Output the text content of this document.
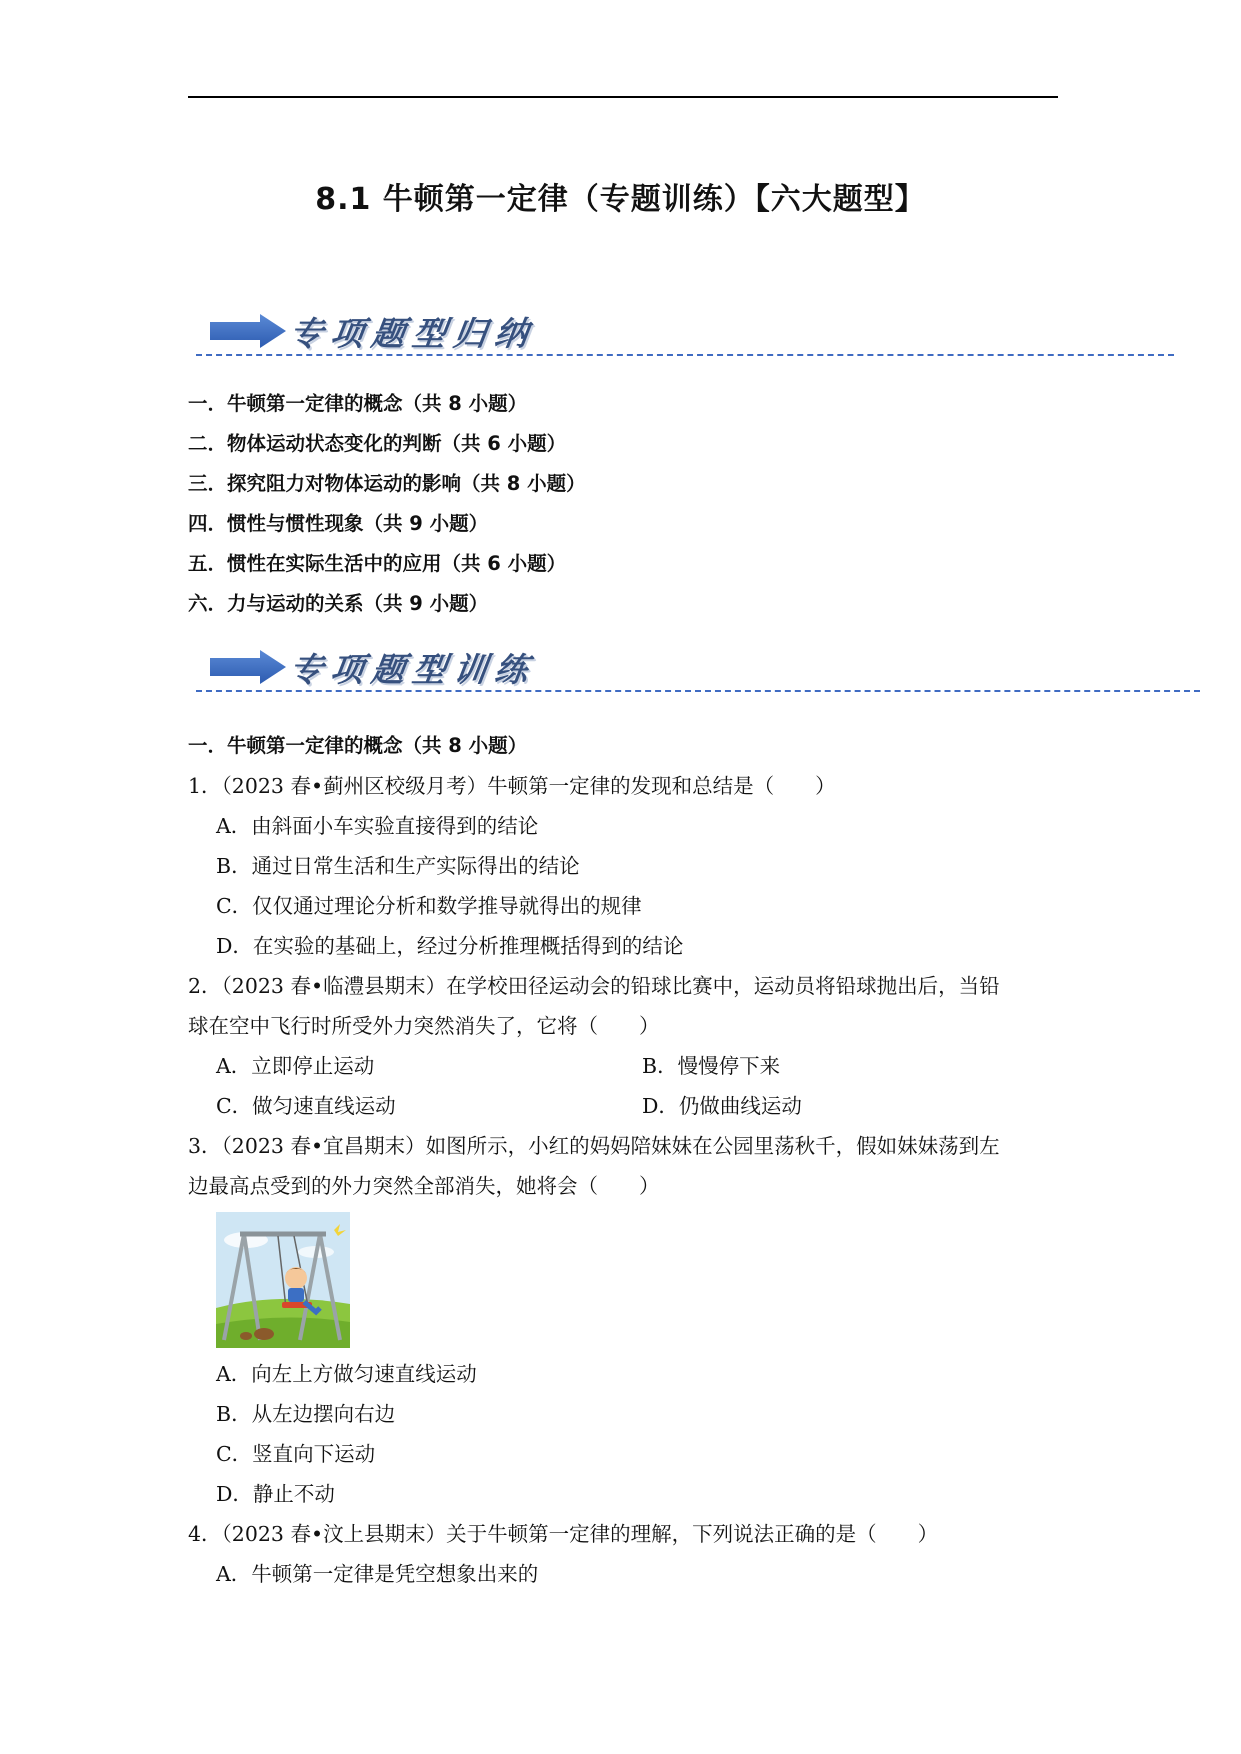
8.1 牛顿第一定律（专题训练）【六大题型】
专项题型归纳
一．牛顿第一定律的概念（共 8 小题）
二．物体运动状态变化的判断（共 6 小题）
三．探究阻力对物体运动的影响（共 8 小题）
四．惯性与惯性现象（共 9 小题）
五．惯性在实际生活中的应用（共 6 小题）
六．力与运动的关系（共 9 小题）
专项题型训练
一．牛顿第一定律的概念（共 8 小题）
1．（2023 春•蓟州区校级月考）牛顿第一定律的发现和总结是（　　）
A．由斜面小车实验直接得到的结论
B．通过日常生活和生产实际得出的结论
C．仅仅通过理论分析和数学推导就得出的规律
D．在实验的基础上，经过分析推理概括得到的结论
2．（2023 春•临澧县期末）在学校田径运动会的铅球比赛中，运动员将铅球抛出后，当铅
球在空中飞行时所受外力突然消失了，它将（　　）
A．立即停止运动	B．慢慢停下来
C．做匀速直线运动	D．仍做曲线运动
3．（2023 春•宜昌期末）如图所示，小红的妈妈陪妹妹在公园里荡秋千，假如妹妹荡到左
边最高点受到的外力突然全部消失，她将会（　　）
A．向左上方做匀速直线运动
B．从左边摆向右边
C．竖直向下运动
D．静止不动
4．（2023 春•汶上县期末）关于牛顿第一定律的理解，下列说法正确的是（　　）
A．牛顿第一定律是凭空想象出来的
